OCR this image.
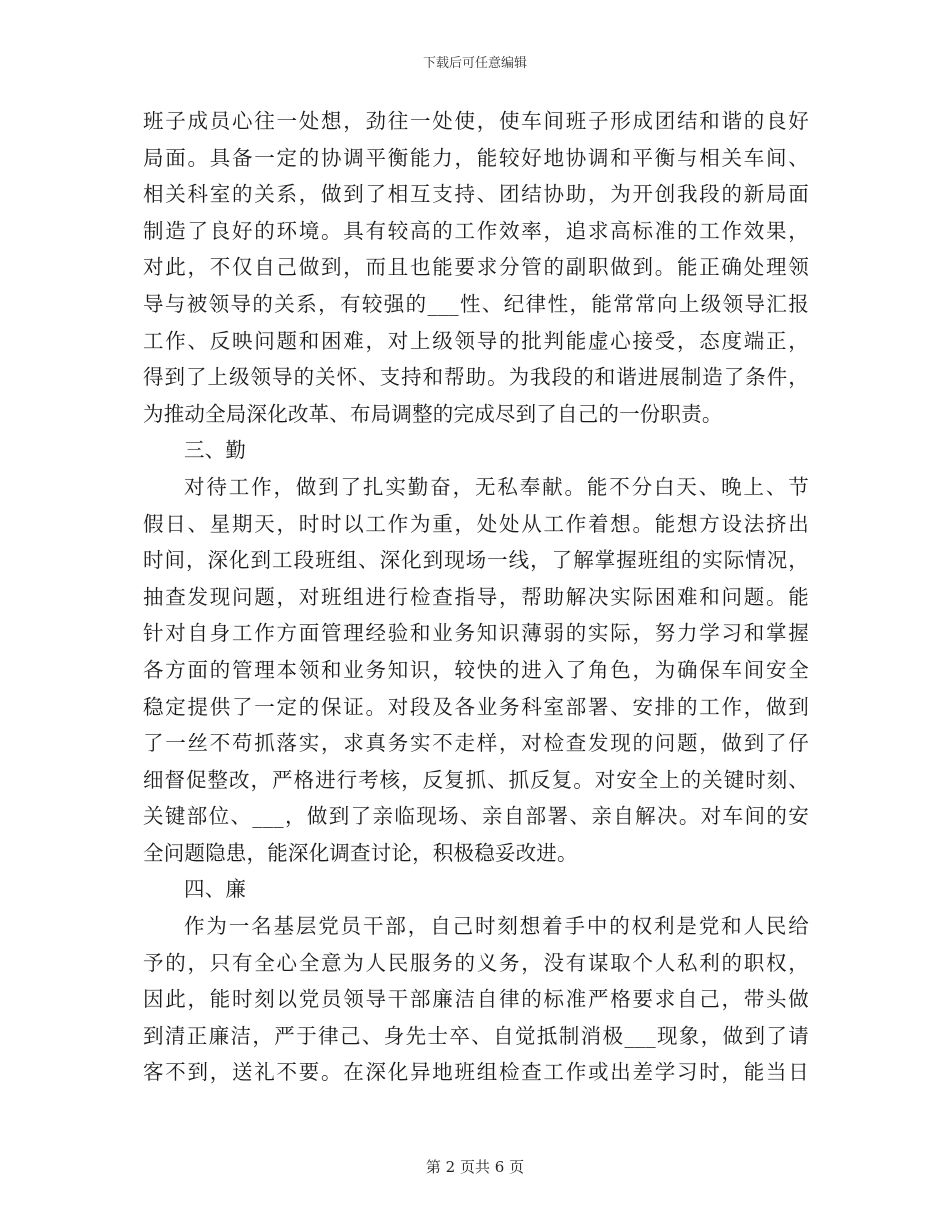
下载后可任意编辑
班子成员心往一处想，劲往一处使，使车间班子形成团结和谐的良好
局面。具备一定的协调平衡能力，能较好地协调和平衡与相关车间、
相关科室的关系，做到了相互支持、团结协助，为开创我段的新局面
制造了良好的环境。具有较高的工作效率，追求高标准的工作效果，
对此，不仅自己做到，而且也能要求分管的副职做到。能正确处理领
导与被领导的关系，有较强的___性、纪律性，能常常向上级领导汇报
工作、反映问题和困难，对上级领导的批判能虚心接受，态度端正，
得到了上级领导的关怀、支持和帮助。为我段的和谐进展制造了条件，
为推动全局深化改革、布局调整的完成尽到了自己的一份职责。
三、勤
对待工作，做到了扎实勤奋，无私奉献。能不分白天、晚上、节
假日、星期天，时时以工作为重，处处从工作着想。能想方设法挤出
时间，深化到工段班组、深化到现场一线，了解掌握班组的实际情况，
抽查发现问题，对班组进行检查指导，帮助解决实际困难和问题。能
针对自身工作方面管理经验和业务知识薄弱的实际，努力学习和掌握
各方面的管理本领和业务知识，较快的进入了角色，为确保车间安全
稳定提供了一定的保证。对段及各业务科室部署、安排的工作，做到
了一丝不苟抓落实，求真务实不走样，对检查发现的问题，做到了仔
细督促整改，严格进行考核，反复抓、抓反复。对安全上的关键时刻、
关键部位、___，做到了亲临现场、亲自部署、亲自解决。对车间的安
全问题隐患，能深化调查讨论，积极稳妥改进。
四、廉
作为一名基层党员干部，自己时刻想着手中的权利是党和人民给
予的，只有全心全意为人民服务的义务，没有谋取个人私利的职权，
因此，能时刻以党员领导干部廉洁自律的标准严格要求自己，带头做
到清正廉洁，严于律己、身先士卒、自觉抵制消极___现象，做到了请
客不到，送礼不要。在深化异地班组检查工作或出差学习时，能当日
第 2 页共 6 页
